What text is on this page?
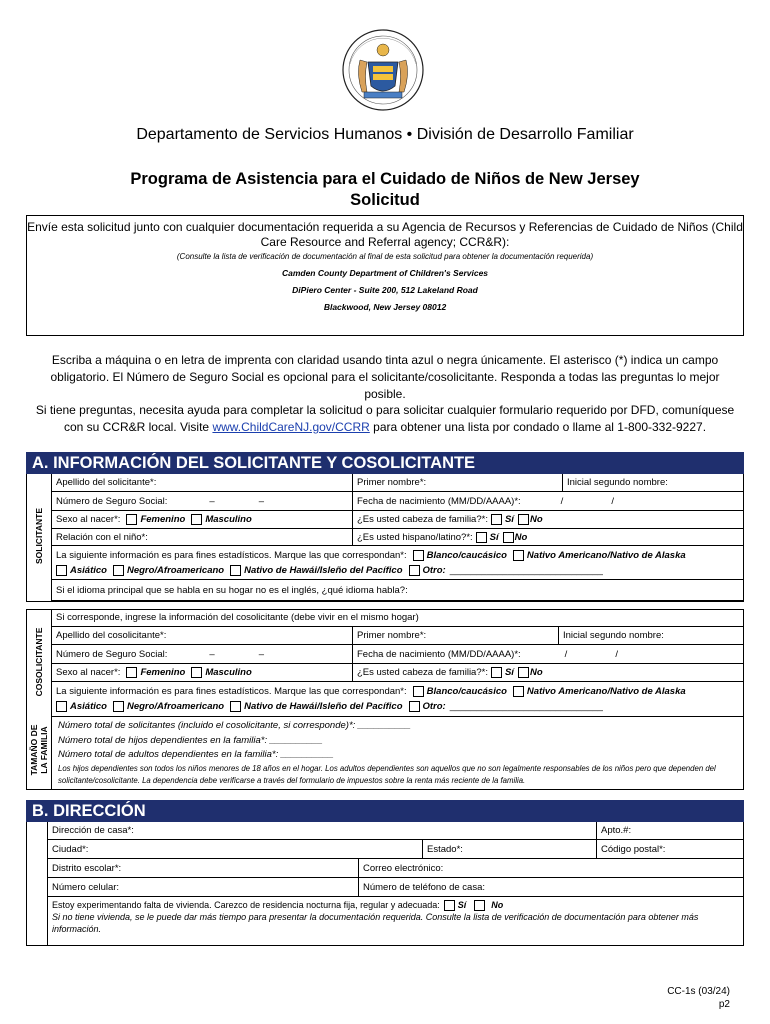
Departamento de Servicios Humanos • División de Desarrollo Familiar
Programa de Asistencia para el Cuidado de Niños de New Jersey
Solicitud
Envíe esta solicitud junto con cualquier documentación requerida a su Agencia de Recursos y Referencias de Cuidado de Niños (Child Care Resource and Referral agency; CCR&R):
(Consulte la lista de verificación de documentación al final de esta solicitud para obtener la documentación requerida)
Camden County Department of Children's Services
DiPiero Center - Suite 200, 512 Lakeland Road
Blackwood, New Jersey 08012
Escriba a máquina o en letra de imprenta con claridad usando tinta azul o negra únicamente. El asterisco (*) indica un campo obligatorio. El Número de Seguro Social es opcional para el solicitante/cosolicitante. Responda a todas las preguntas lo mejor posible.
Si tiene preguntas, necesita ayuda para completar la solicitud o para solicitar cualquier formulario requerido por DFD, comuníquese con su CCR&R local. Visite www.ChildCareNJ.gov/CCRR para obtener una lista por condado o llame al 1-800-332-9227.
A. INFORMACIÓN DEL SOLICITANTE Y COSOLICITANTE
SOLICITANTE
Apellido del solicitante*:	Primer nombre*:	Inicial segundo nombre:
Número de Seguro Social:	–	–	Fecha de nacimiento (MM/DD/AAAA)*:	/	/
Sexo al nacer*: Femenino Masculino	¿Es usted cabeza de familia?*: Sí No
Relación con el niño*:	¿Es usted hispano/latino?*: Sí No
La siguiente información es para fines estadísticos. Marque las que correspondan*: Blanco/caucásico Nativo Americano/Nativo de Alaska
Asiático Negro/Afroamericano Nativo de Hawái/Isleño del Pacífico Otro: _____________________________
Si el idioma principal que se habla en su hogar no es el inglés, ¿qué idioma habla?:
COSOLICITANTE
Si corresponde, ingrese la información del cosolicitante (debe vivir en el mismo hogar)
Apellido del cosolicitante*:	Primer nombre*:	Inicial segundo nombre:
Número de Seguro Social:	–	–	Fecha de nacimiento (MM/DD/AAAA)*:	/	/
Sexo al nacer*: Femenino Masculino	¿Es usted cabeza de familia?*: Sí No
La siguiente información es para fines estadísticos. Marque las que correspondan*: Blanco/caucásico Nativo Americano/Nativo de Alaska
Asiático Negro/Afroamericano Nativo de Hawái/Isleño del Pacífico Otro: _____________________________
TAMAÑO DE LA FAMILIA
Número total de solicitantes (incluido el cosolicitante, si corresponde)*: __________
Número total de hijos dependientes en la familia*: __________
Número total de adultos dependientes en la familia*: __________
Los hijos dependientes son todos los niños menores de 18 años en el hogar. Los adultos dependientes son aquellos que no son legalmente responsables de los niños pero que dependen del solicitante/cosolicitante. La dependencia debe verificarse a través del formulario de impuestos sobre la renta más reciente de la familia.
B. DIRECCIÓN
Dirección de casa*:	Apto.#:
Ciudad*:	Estado*:	Código postal*:
Distrito escolar*:	Correo electrónico:
Número celular:	Número de teléfono de casa:
Estoy experimentando falta de vivienda. Carezco de residencia nocturna fija, regular y adecuada: Sí	No
Si no tiene vivienda, se le puede dar más tiempo para presentar la documentación requerida. Consulte la lista de verificación de documentación para obtener más información.
CC-1s (03/24)
p2
